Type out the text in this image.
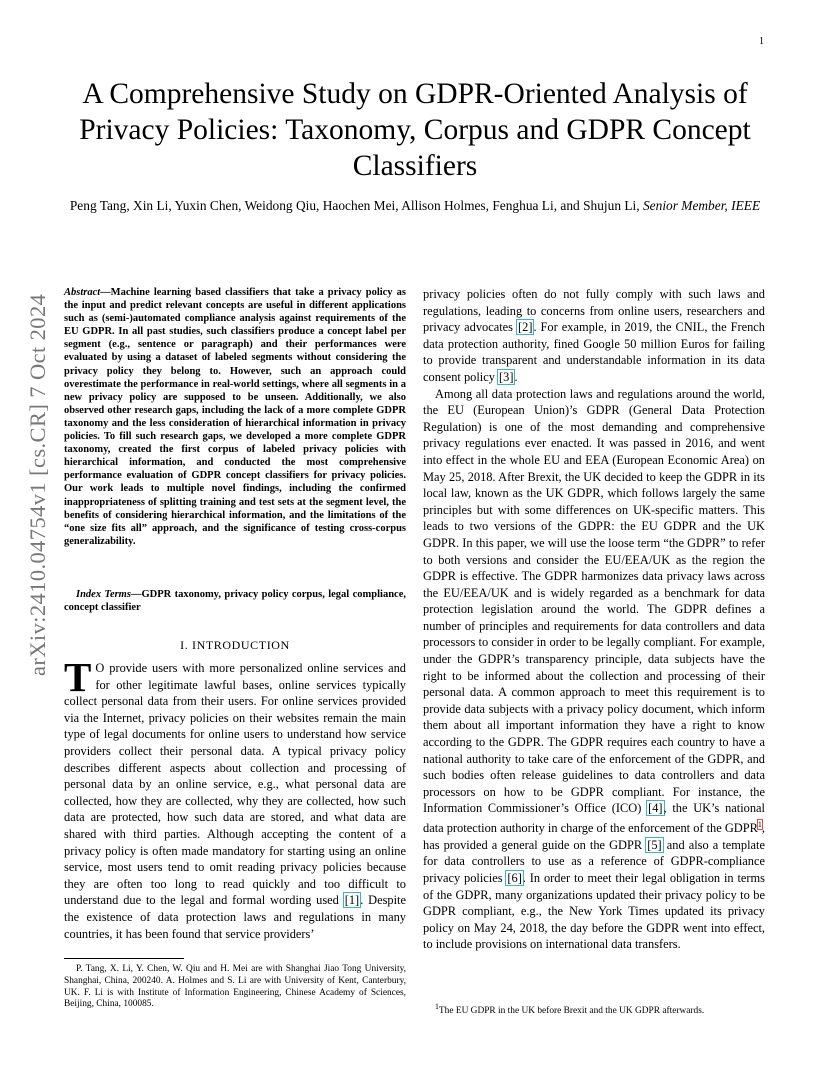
1
arXiv:2410.04754v1 [cs.CR] 7 Oct 2024
A Comprehensive Study on GDPR-Oriented Analysis of Privacy Policies: Taxonomy, Corpus and GDPR Concept Classifiers
Peng Tang, Xin Li, Yuxin Chen, Weidong Qiu, Haochen Mei, Allison Holmes, Fenghua Li, and Shujun Li, Senior Member, IEEE
Abstract—Machine learning based classifiers that take a privacy policy as the input and predict relevant concepts are useful in different applications such as (semi-)automated compliance analysis against requirements of the EU GDPR. In all past studies, such classifiers produce a concept label per segment (e.g., sentence or paragraph) and their performances were evaluated by using a dataset of labeled segments without considering the privacy policy they belong to. However, such an approach could overestimate the performance in real-world settings, where all segments in a new privacy policy are supposed to be unseen. Additionally, we also observed other research gaps, including the lack of a more complete GDPR taxonomy and the less consideration of hierarchical information in privacy policies. To fill such research gaps, we developed a more complete GDPR taxonomy, created the first corpus of labeled privacy policies with hierarchical information, and conducted the most comprehensive performance evaluation of GDPR concept classifiers for privacy policies. Our work leads to multiple novel findings, including the confirmed inappropriateness of splitting training and test sets at the segment level, the benefits of considering hierarchical information, and the limitations of the “one size fits all” approach, and the significance of testing cross-corpus generalizability.
Index Terms—GDPR taxonomy, privacy policy corpus, legal compliance, concept classifier
I. INTRODUCTION

T O provide users with more personalized online services and for other legitimate lawful bases, online services typically collect personal data from their users. For online services provided via the Internet, privacy policies on their websites remain the main type of legal documents for online users to understand how service providers collect their personal data. A typical privacy policy describes different aspects about collection and processing of personal data by an online service, e.g., what personal data are collected, how they are collected, why they are collected, how such data are protected, how such data are stored, and what data are shared with third parties. Although accepting the content of a privacy policy is often made mandatory for starting using an online service, most users tend to omit reading privacy policies because they are often too long to read quickly and too difficult to understand due to the legal and formal wording used [1]. Despite the existence of data protection laws and regulations in many countries, it has been found that service providers’

privacy policies often do not fully comply with such laws and regulations, leading to concerns from online users, researchers and privacy advocates [2]. For example, in 2019, the CNIL, the French data protection authority, fined Google 50 million Euros for failing to provide transparent and understandable information in its data consent policy [3].

Among all data protection laws and regulations around the world, the EU (European Union)’s GDPR (General Data Protection Regulation) is one of the most demanding and comprehensive privacy regulations ever enacted. It was passed in 2016, and went into effect in the whole EU and EEA (European Economic Area) on May 25, 2018. After Brexit, the UK decided to keep the GDPR in its local law, known as the UK GDPR, which follows largely the same principles but with some differences on UK-specific matters. This leads to two versions of the GDPR: the EU GDPR and the UK GDPR. In this paper, we will use the loose term “the GDPR” to refer to both versions and consider the EU/EEA/UK as the region the GDPR is effective. The GDPR harmonizes data privacy laws across the EU/EEA/UK and is widely regarded as a benchmark for data protection legislation around the world. The GDPR defines a number of principles and requirements for data controllers and data processors to consider in order to be legally compliant. For example, under the GDPR’s transparency principle, data subjects have the right to be informed about the collection and processing of their personal data. A common approach to meet this requirement is to provide data subjects with a privacy policy document, which inform them about all important information they have a right to know according to the GDPR. The GDPR requires each country to have a national authority to take care of the enforcement of the GDPR, and such bodies often release guidelines to data controllers and data processors on how to be GDPR compliant. For instance, the Information Commissioner’s Office (ICO) [4], the UK’s national data protection authority in charge of the enforcement of the GDPR$^1$, has provided a general guide on the GDPR [5] and also a template for data controllers to use as a reference of GDPR-compliance privacy policies [6]. In order to meet their legal obligation in terms of the GDPR, many organizations updated their privacy policy to be GDPR compliant, e.g., the New York Times updated its privacy policy on May 24, 2018, the day before the GDPR went into effect, to include provisions on international data transfers.

P. Tang, X. Li, Y. Chen, W. Qiu and H. Mei are with Shanghai Jiao Tong University, Shanghai, China, 200240. A. Holmes and S. Li are with University of Kent, Canterbury, UK. F. Li is with Institute of Information Engineering, Chinese Academy of Sciences, Beijing, China, 100085.	$^1$The EU GDPR in the UK before Brexit and the UK GDPR afterwards.
